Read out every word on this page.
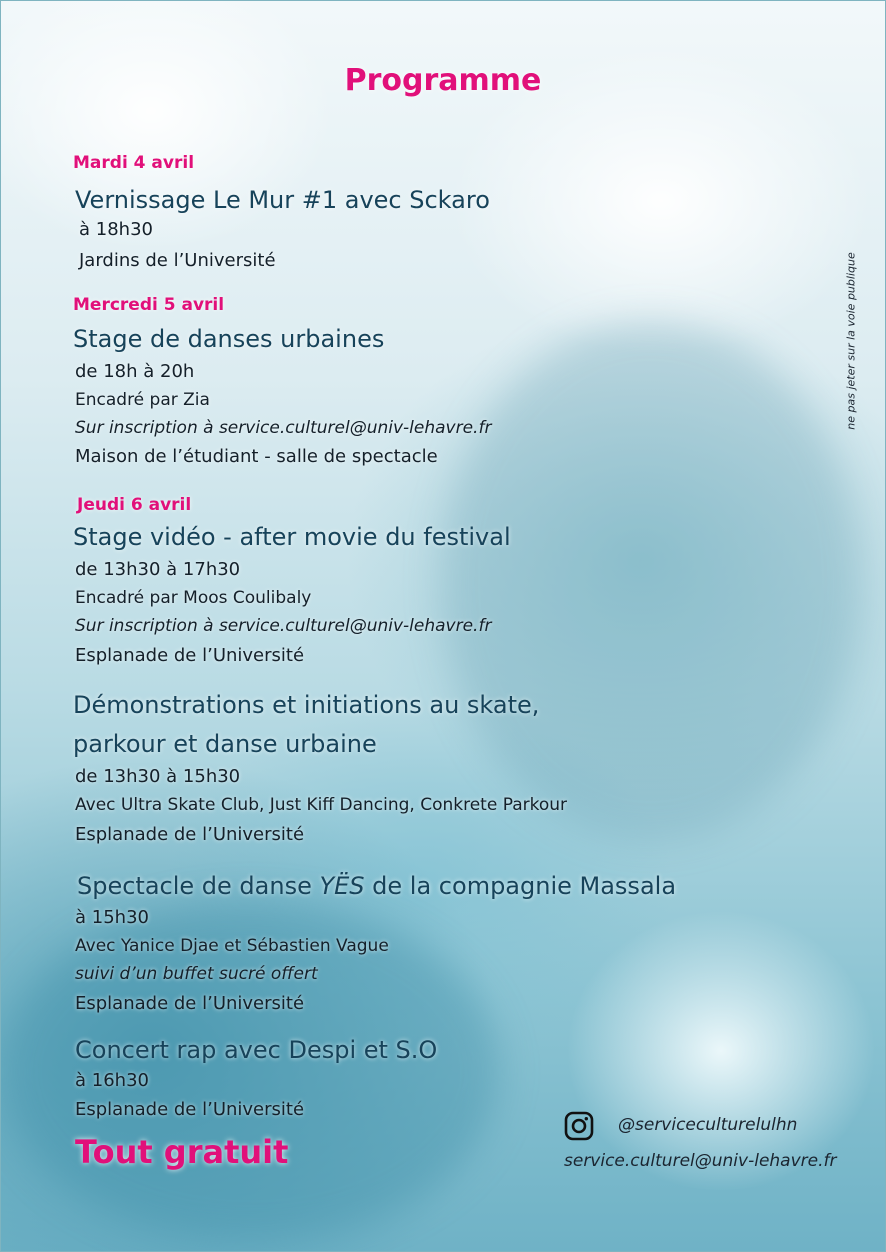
Programme
ne pas jeter sur la voie publique
Mardi 4 avril
Vernissage Le Mur #1 avec Sckaro
à 18h30
Jardins de l’Université
Mercredi 5 avril
Stage de danses urbaines
de 18h à 20h
Encadré par Zia
Sur inscription à service.culturel@univ-lehavre.fr
Maison de l’étudiant - salle de spectacle
Jeudi 6 avril
Stage vidéo - after movie du festival
de 13h30 à 17h30
Encadré par Moos Coulibaly
Sur inscription à service.culturel@univ-lehavre.fr
Esplanade de l’Université
Démonstrations et initiations au skate,
parkour et danse urbaine
de 13h30 à 15h30
Avec Ultra Skate Club, Just Kiff Dancing, Conkrete Parkour
Esplanade de l’Université
Spectacle de danse YËS de la compagnie Massala
à 15h30
Avec Yanice Djae et Sébastien Vague
suivi d’un buffet sucré offert
Esplanade de l’Université
Concert rap avec Despi et S.O
à 16h30
Esplanade de l’Université
Tout gratuit
@serviceculturelulhn
service.culturel@univ-lehavre.fr
